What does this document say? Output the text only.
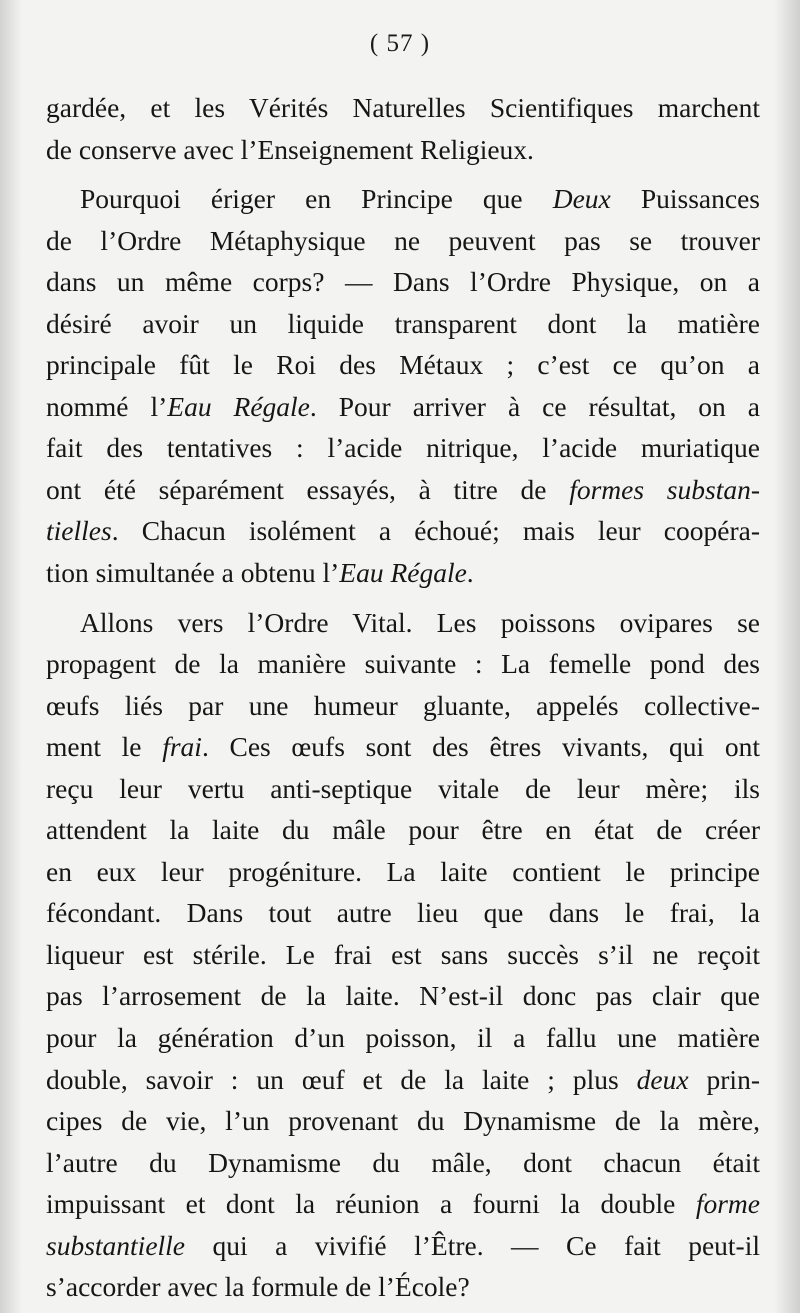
( 57 )
gardée, et les Vérités Naturelles Scientifiques marchent
de conserve avec l’Enseignement Religieux.
Pourquoi ériger en Principe que Deux Puissances
de l’Ordre Métaphysique ne peuvent pas se trouver
dans un même corps? — Dans l’Ordre Physique, on a
désiré avoir un liquide transparent dont la matière
principale fût le Roi des Métaux ; c’est ce qu’on a
nommé l’Eau Régale. Pour arriver à ce résultat, on a
fait des tentatives : l’acide nitrique, l’acide muriatique
ont été séparément essayés, à titre de formes substan-
tielles. Chacun isolément a échoué; mais leur coopéra-
tion simultanée a obtenu l’Eau Régale.
Allons vers l’Ordre Vital. Les poissons ovipares se
propagent de la manière suivante : La femelle pond des
œufs liés par une humeur gluante, appelés collective-
ment le frai. Ces œufs sont des êtres vivants, qui ont
reçu leur vertu anti-septique vitale de leur mère; ils
attendent la laite du mâle pour être en état de créer
en eux leur progéniture. La laite contient le principe
fécondant. Dans tout autre lieu que dans le frai, la
liqueur est stérile. Le frai est sans succès s’il ne reçoit
pas l’arrosement de la laite. N’est-il donc pas clair que
pour la génération d’un poisson, il a fallu une matière
double, savoir : un œuf et de la laite ; plus deux prin-
cipes de vie, l’un provenant du Dynamisme de la mère,
l’autre du Dynamisme du mâle, dont chacun était
impuissant et dont la réunion a fourni la double forme
substantielle qui a vivifié l’Être. — Ce fait peut-il
s’accorder avec la formule de l’École?
